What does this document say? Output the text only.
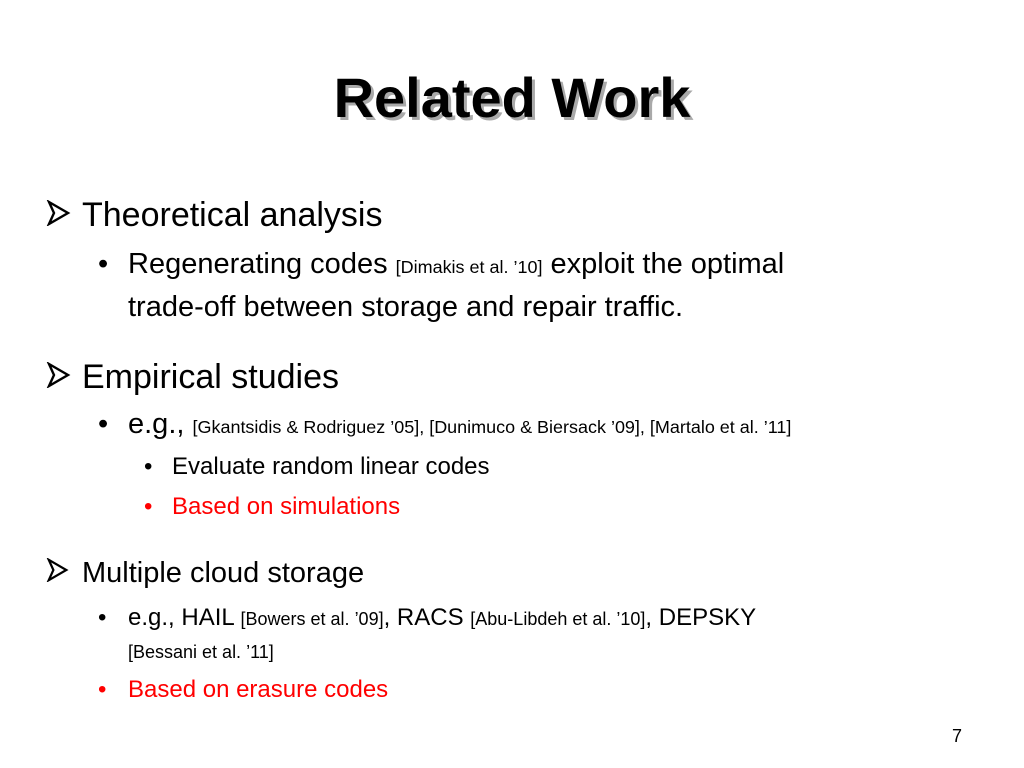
Related Work
Theoretical analysis
• Regenerating codes [Dimakis et al. ’10] exploit the optimal
trade-off between storage and repair traffic.
Empirical studies
• e.g., [Gkantsidis & Rodriguez ’05], [Dunimuco & Biersack ’09], [Martalo et al. ’11]
• Evaluate random linear codes
• Based on simulations
Multiple cloud storage
• e.g., HAIL [Bowers et al. ’09], RACS [Abu-Libdeh et al. ’10], DEPSKY
[Bessani et al. ’11]
• Based on erasure codes
7
